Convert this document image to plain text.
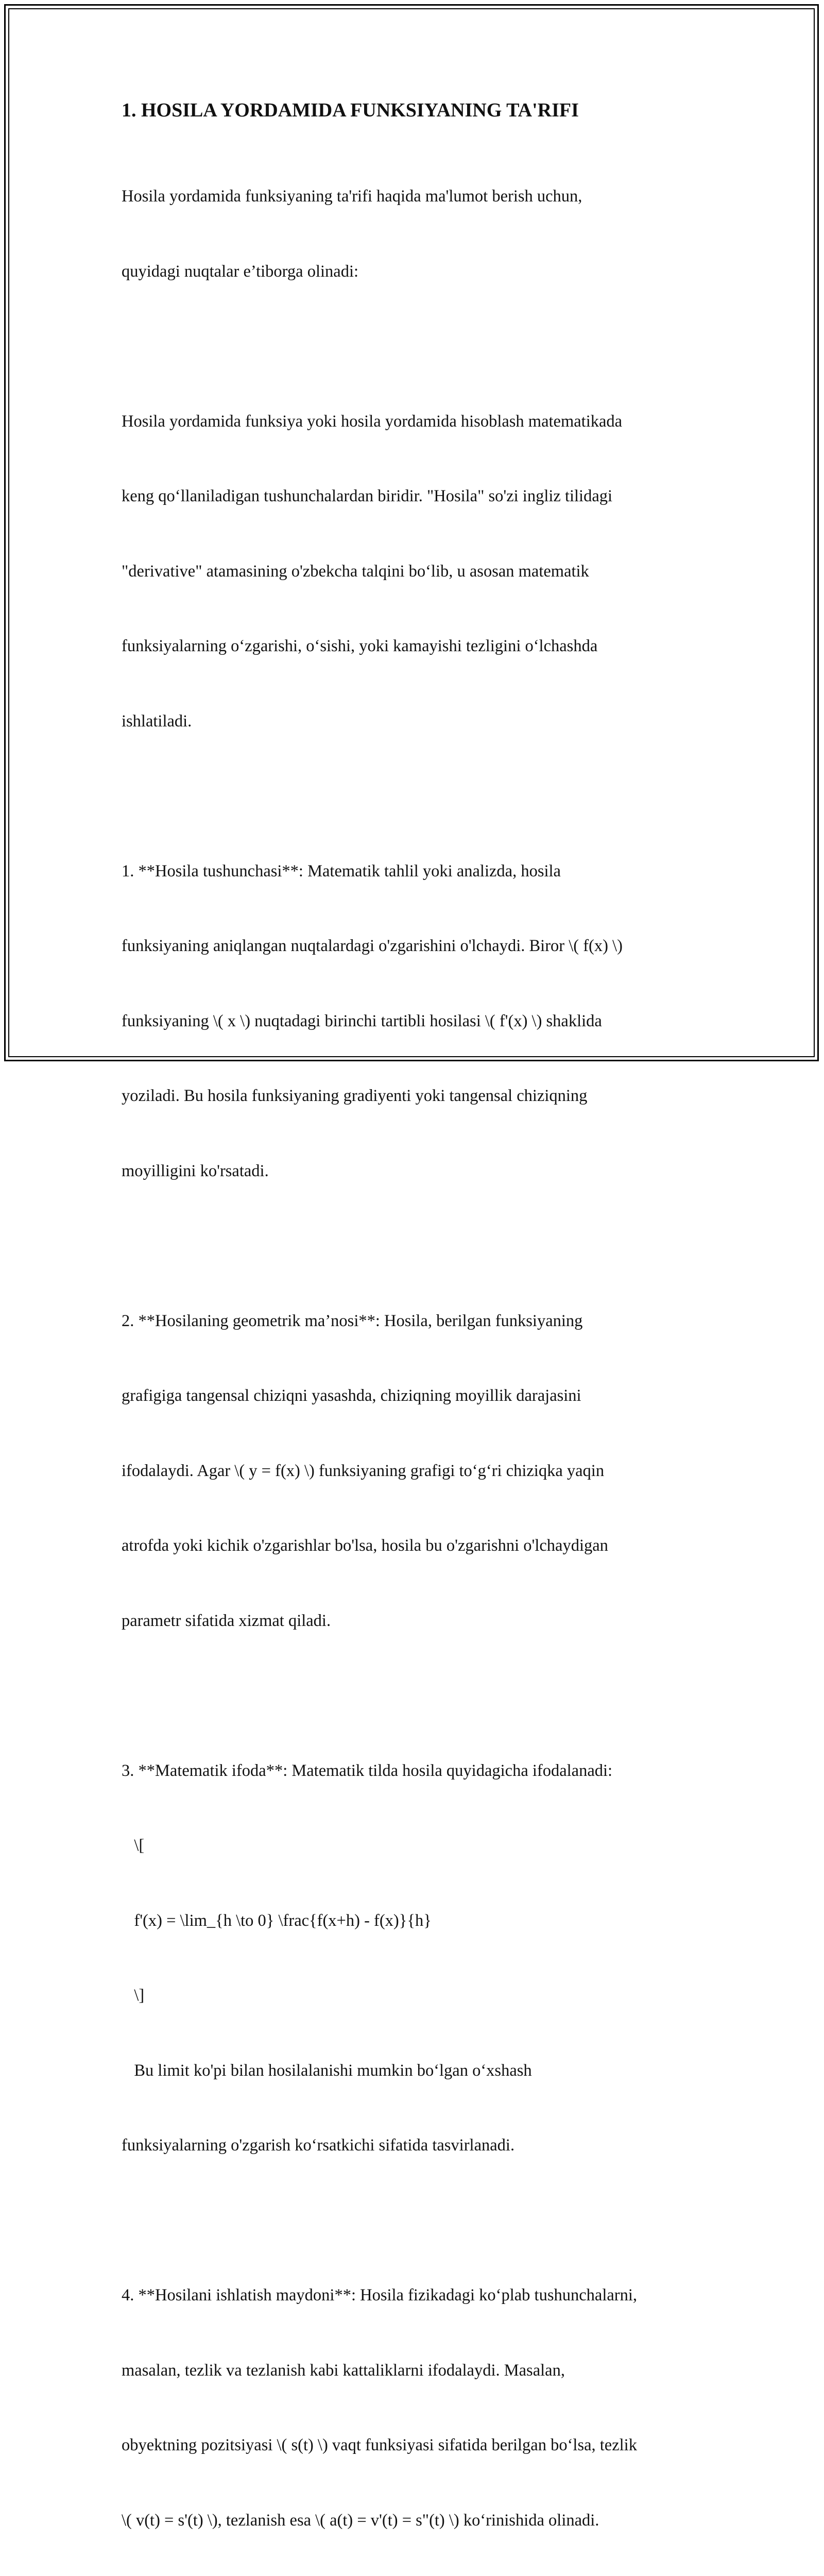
1. HOSILA YORDAMIDA FUNKSIYANING TA'RIFI

Hosila yordamida funksiyaning ta'rifi haqida ma'lumot berish uchun,

quyidagi nuqtalar e’tiborga olinadi:

Hosila yordamida funksiya yoki hosila yordamida hisoblash matematikada

keng qo‘llaniladigan tushunchalardan biridir. "Hosila" so'zi ingliz tilidagi

"derivative" atamasining o'zbekcha talqini bo‘lib, u asosan matematik

funksiyalarning o‘zgarishi, o‘sishi, yoki kamayishi tezligini o‘lchashda

ishlatiladi.

1. **Hosila tushunchasi**: Matematik tahlil yoki analizda, hosila

funksiyaning aniqlangan nuqtalardagi o'zgarishini o'lchaydi. Biror \( f(x) \)

funksiyaning \( x \) nuqtadagi birinchi tartibli hosilasi \( f'(x) \) shaklida

yoziladi. Bu hosila funksiyaning gradiyenti yoki tangensal chiziqning

moyilligini ko'rsatadi.

2. **Hosilaning geometrik ma’nosi**: Hosila, berilgan funksiyaning

grafigiga tangensal chiziqni yasashda, chiziqning moyillik darajasini

ifodalaydi. Agar \( y = f(x) \) funksiyaning grafigi to‘g‘ri chiziqka yaqin

atrofda yoki kichik o'zgarishlar bo'lsa, hosila bu o'zgarishni o'lchaydigan

parametr sifatida xizmat qiladi.

3. **Matematik ifoda**: Matematik tilda hosila quyidagicha ifodalanadi:

\[

f'(x) = \lim_{h \to 0} \frac{f(x+h) - f(x)}{h}

\]

Bu limit ko'pi bilan hosilalanishi mumkin bo‘lgan o‘xshash

funksiyalarning o'zgarish ko‘rsatkichi sifatida tasvirlanadi.

4. **Hosilani ishlatish maydoni**: Hosila fizikadagi ko‘plab tushunchalarni,

masalan, tezlik va tezlanish kabi kattaliklarni ifodalaydi. Masalan,

obyektning pozitsiyasi \( s(t) \) vaqt funksiyasi sifatida berilgan bo‘lsa, tezlik

\( v(t) = s'(t) \), tezlanish esa \( a(t) = v'(t) = s"(t) \) ko‘rinishida olinadi.
